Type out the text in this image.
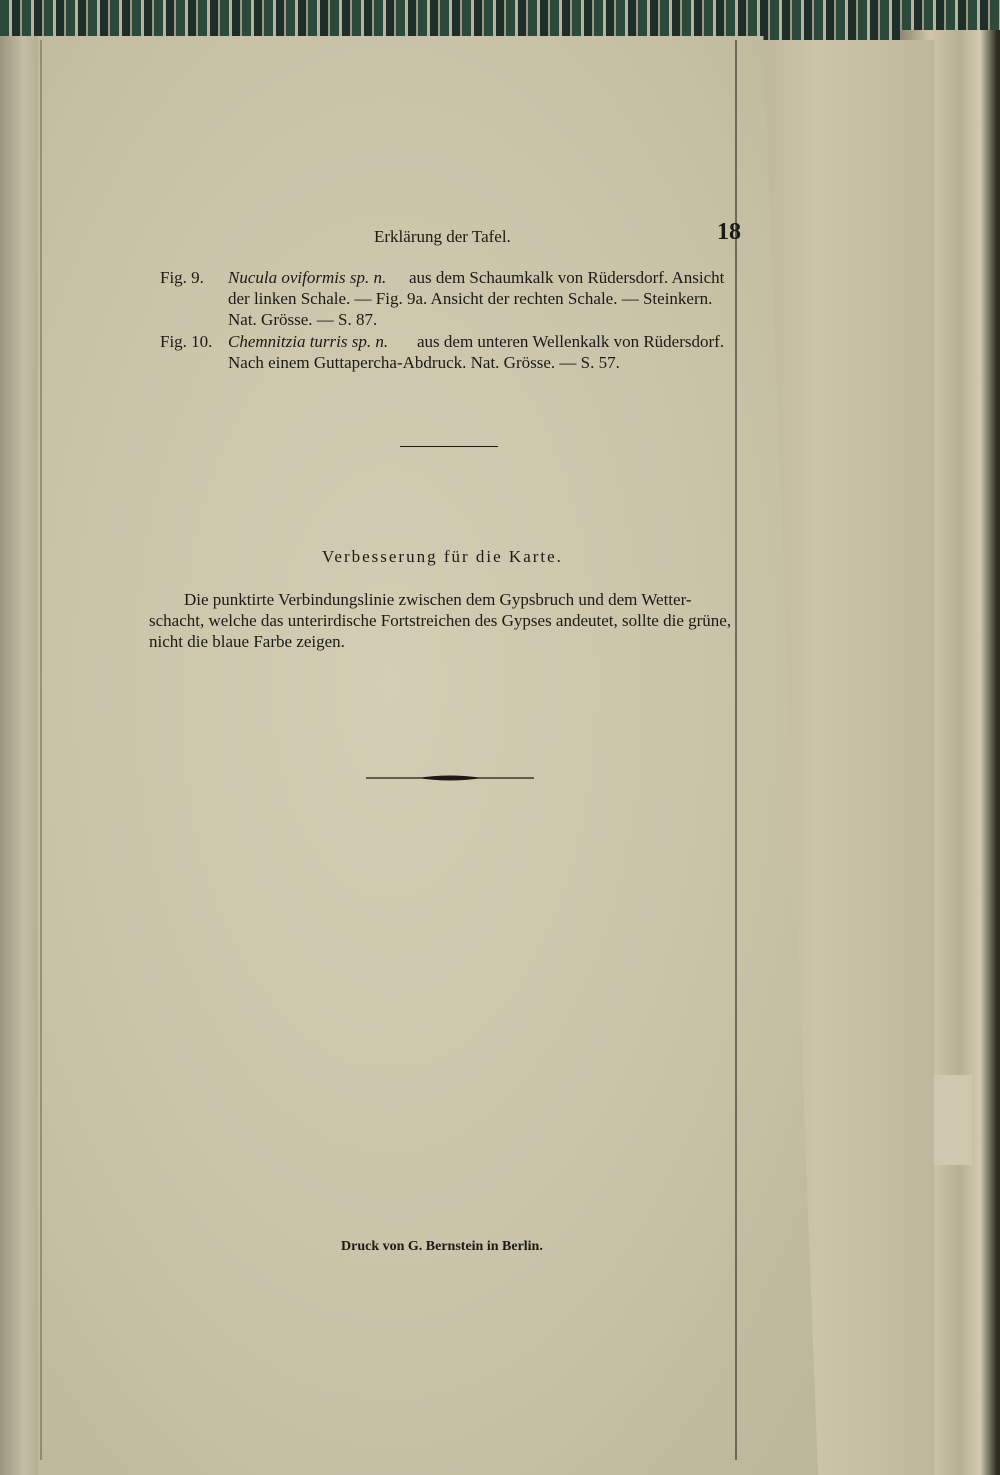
Erklärung der Tafel.	18
Fig. 9. Nucula oviformis sp. n. aus dem Schaumkalk von Rüdersdorf. Ansicht
der linken Schale. — Fig. 9a. Ansicht der rechten Schale. — Steinkern.
Nat. Grösse. — S. 87.
Fig. 10. Chemnitzia turris sp. n. aus dem unteren Wellenkalk von Rüdersdorf.
Nach einem Guttapercha-Abdruck. Nat. Grösse. — S. 57.
Verbesserung für die Karte.
Die punktirte Verbindungslinie zwischen dem Gypsbruch und dem Wetter-
schacht, welche das unterirdische Fortstreichen des Gypses andeutet, sollte die grüne,
nicht die blaue Farbe zeigen.
Druck von G. Bernstein in Berlin.
